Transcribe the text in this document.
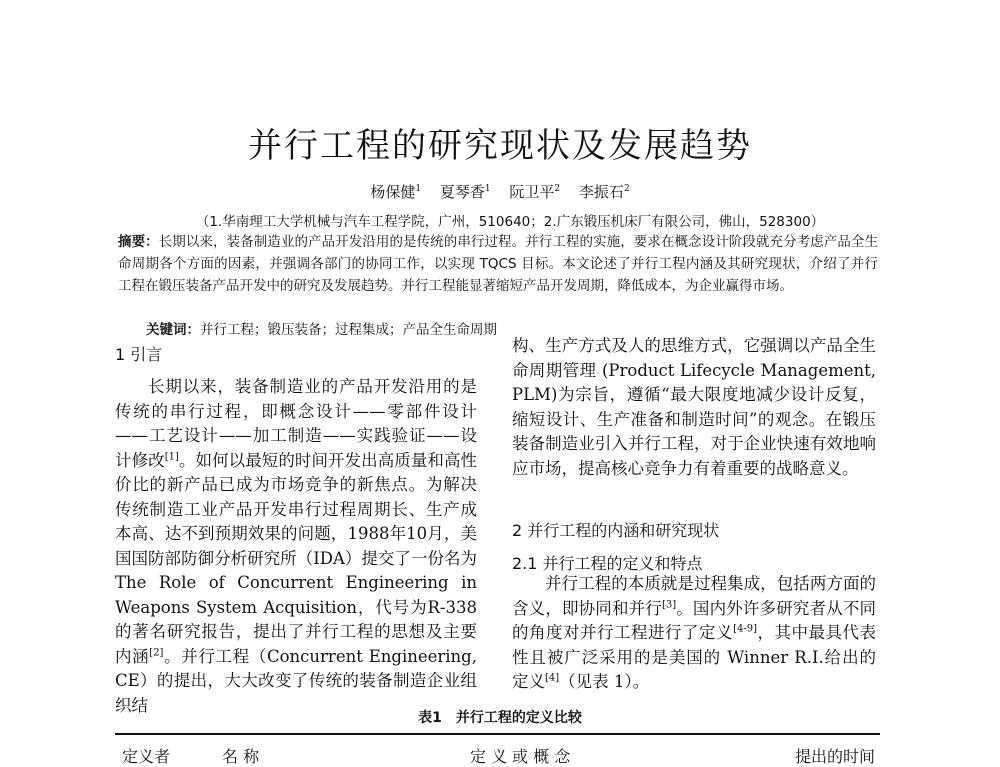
并行工程的研究现状及发展趋势
杨保健$^1$ 夏琴香$^1$ 阮卫平$^2$ 李振石$^2$
（1.华南理工大学机械与汽车工程学院，广州，510640；2.广东锻压机床厂有限公司，佛山，528300）
摘要：长期以来，装备制造业的产品开发沿用的是传统的串行过程。并行工程的实施，要求在概念设计阶段就充分考虑产品全生命周期各个方面的因素，并强调各部门的协同工作，以实现 TQCS 目标。本文论述了并行工程内涵及其研究现状，介绍了并行工程在锻压装备产品开发中的研究及发展趋势。并行工程能显著缩短产品开发周期，降低成本，为企业赢得市场。
关键词：并行工程；锻压装备；过程集成；产品全生命周期
1 引言
长期以来，装备制造业的产品开发沿用的是传统的串行过程，即概念设计——零部件设计——工艺设计——加工制造——实践验证——设计修改[1]。如何以最短的时间开发出高质量和高性价比的新产品已成为市场竞争的新焦点。为解决传统制造工业产品开发串行过程周期长、生产成本高、达不到预期效果的问题，1988年10月，美国国防部防御分析研究所（IDA）提交了一份名为The Role of Concurrent Engineering in Weapons System Acquisition，代号为R-338的著名研究报告，提出了并行工程的思想及主要内涵[2]。并行工程（Concurrent Engineering, CE）的提出，大大改变了传统的装备制造企业组织结
构、生产方式及人的思维方式，它强调以产品全生命周期管理 (Product Lifecycle Management, PLM)为宗旨，遵循“最大限度地减少设计反复，缩短设计、生产准备和制造时间”的观念。在锻压装备制造业引入并行工程，对于企业快速有效地响应市场，提高核心竞争力有着重要的战略意义。
2 并行工程的内涵和研究现状
2.1 并行工程的定义和特点
并行工程的本质就是过程集成，包括两方面的含义，即协同和并行[3]。国内外许多研究者从不同的角度对并行工程进行了定义[4-9]，其中最具代表性且被广泛采用的是美国的 Winner R.I.给出的定义[4]（见表 1）。
表1　并行工程的定义比较
定义者	名 称	定 义 或 概 念	提出的时间
